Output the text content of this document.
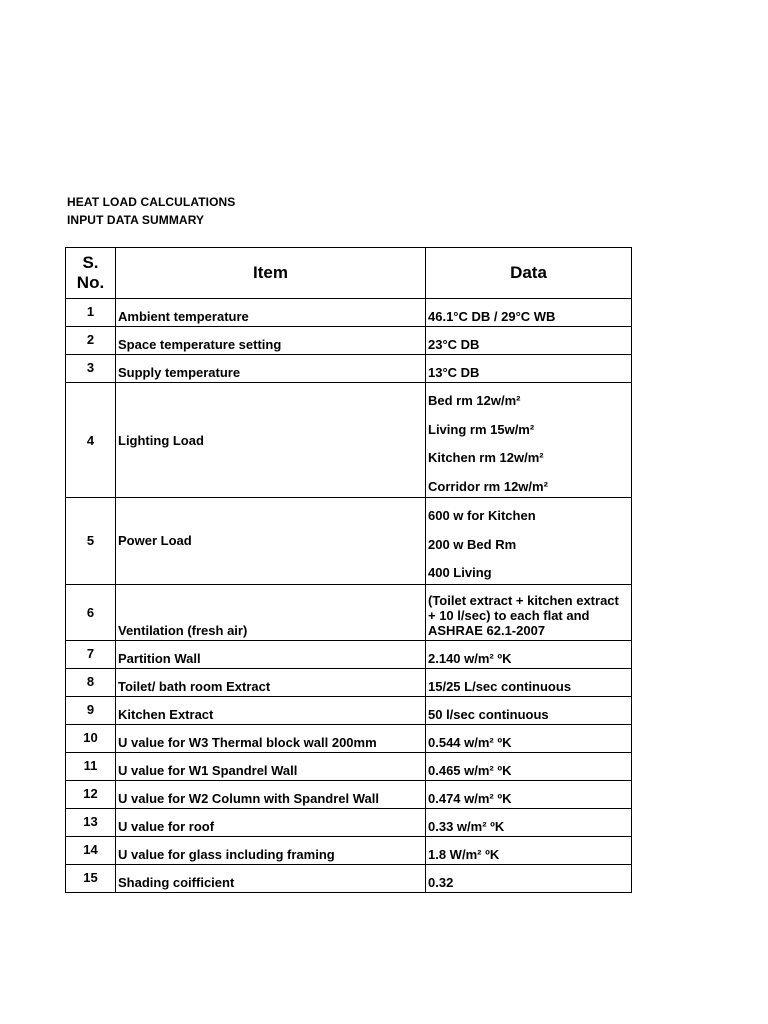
HEAT LOAD CALCULATIONS
INPUT DATA SUMMARY
S.
No.	Item	Data
1	Ambient temperature	46.1°C DB / 29°C WB
2	Space temperature setting	23°C DB
3	Supply temperature	13°C DB
4	Lighting Load	Bed rm 12w/m²
Living rm 15w/m²
Kitchen rm 12w/m²
Corridor rm 12w/m²

5	Power Load	600 w for Kitchen
200 w Bed Rm
400 Living

6	Ventilation (fresh air)	(Toilet extract + kitchen extract
+ 10 l/sec) to each flat and
ASHRAE 62.1-2007

7	Partition Wall	2.140 w/m² ºK
8	Toilet/ bath room Extract	15/25 L/sec continuous
9	Kitchen Extract	50 l/sec continuous
10	U value for W3 Thermal block wall 200mm	0.544 w/m² ºK
11	U value for W1 Spandrel Wall	0.465 w/m² ºK
12	U value for W2 Column with Spandrel Wall	0.474 w/m² ºK
13	U value for roof	0.33 w/m² ºK
14	U value for glass including framing	1.8 W/m² ºK
15	Shading coifficient	0.32
